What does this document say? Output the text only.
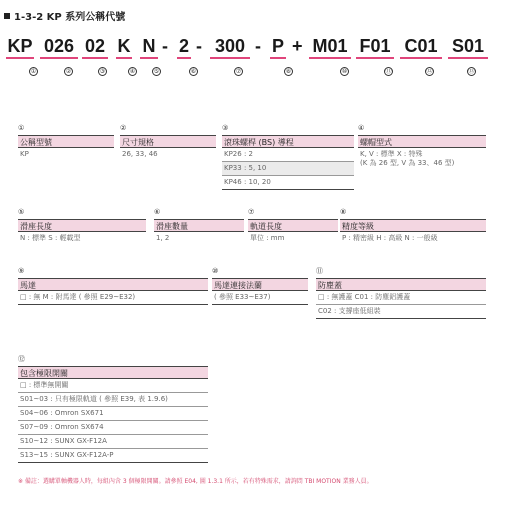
1-3-2 KP 系列公稱代號
KP 026 02 K N - 2 - 300 - P + M01 F01 C01 S01
①	②	③	④	⑤	⑥	⑦	⑧	⑩	⑪	⑫	⑬
①
公稱型號
KP
②
尺寸規格
26, 33, 46
③
滾珠螺桿 (BS) 導程
KP26 : 2
KP33 : 5, 10
KP46 : 10, 20
④
螺帽型式
K, V : 標準 X : 特殊
(K 為 26 型, V 為 33、46 型)
⑤
滑座長度
N : 標準 S : 輕載型
⑥
滑座數量
1, 2
⑦
軌道長度
單位 : mm
⑧
精度等級
P : 精密級 H : 高級 N : 一般級
⑨
馬達
□ : 無 M : 附馬達 ( 參照 E29~E32)
⑩
馬達連接法蘭
( 參照 E33~E37)
⑪
防塵蓋
□ : 無護蓋 C01 : 防塵鋁護蓋
C02 : 支撐座低組裝
⑫
包含極限開關
□ : 標準無開關
S01~03 : 只有極限軌道 ( 參照 E39, 表 1.9.6)
S04~06 : Omron SX671
S07~09 : Omron SX674
S10~12 : SUNX GX-F12A
S13~15 : SUNX GX-F12A-P
※ 備註：選購單軸機器人時，每組內含 3 個極限開關。請參照 E04, 圖 1.3.1 所示，若有特殊需求，請詢問 TBI MOTION 業務人員。
